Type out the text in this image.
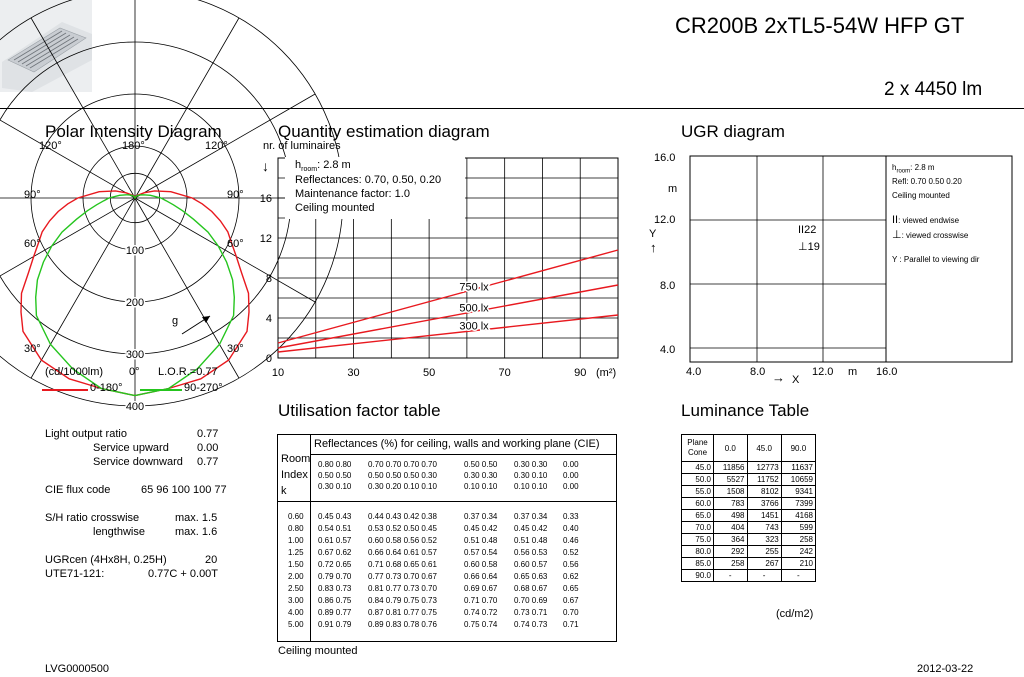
CR200B 2xTL5-54W HFP GT
2 x 4450 lm
Polar Intensity Diagram
100
200
300
400
120°	180°	120°
90°	90°
60°	60°
30°	30°
g
(cd/1000lm) 0° L.O.R.=0.77
0-180°	90-270°
Light output ratio	0.77
Service upward	0.00
Service downward 0.77
CIE flux code	65 96 100 100 77
S/H ratio crosswise	max. 1.5
lengthwise	max. 1.6
UGRcen (4Hx8H, 0.25H)	20
UTE71-121:	0.77C + 0.00T
Quantity estimation diagram
nr. of luminaires
↓
10	30	50	70	90
0
4
8
12
16
(m²)
750 lx
500 lx
300 lx
$h_{room}$: 2.8 m
Reflectances: 0.70, 0.50, 0.20
Maintenance factor: 1.0
Ceiling mounted
UGR diagram
16.0
m
12.0
Y
↑
8.0
4.0
4.0	8.0 → X
12.0 m 16.0
II22
⊥19
$h_{room}$: 2.8 m
Refl: 0.70 0.50 0.20
Ceiling mounted
II: viewed endwise
⊥: viewed crosswise
Y : Parallel to viewing dir
Utilisation factor table
Reflectances (%) for ceiling, walls and working plane (CIE)
Room
Index
k
0.80 0.80 0.70 0.70 0.70 0.70	0.50 0.50 0.30 0.30 0.00
0.50 0.50 0.50 0.50 0.50 0.30	0.30 0.30 0.30 0.10 0.00
0.30 0.10 0.30 0.20 0.10 0.10	0.10 0.10 0.10 0.10 0.00
0.60 0.45 0.43 0.44 0.43 0.42 0.38	0.37 0.34 0.37 0.34 0.33
0.80 0.54 0.51 0.53 0.52 0.50 0.45	0.45 0.42 0.45 0.42 0.40
1.00 0.61 0.57 0.60 0.58 0.56 0.52	0.51 0.48 0.51 0.48 0.46
1.25 0.67 0.62 0.66 0.64 0.61 0.57	0.57 0.54 0.56 0.53 0.52
1.50 0.72 0.65 0.71 0.68 0.65 0.61	0.60 0.58 0.60 0.57 0.56
2.00 0.79 0.70 0.77 0.73 0.70 0.67	0.66 0.64 0.65 0.63 0.62
2.50 0.83 0.73 0.81 0.77 0.73 0.70	0.69 0.67 0.68 0.67 0.65
3.00 0.86 0.75 0.84 0.79 0.75 0.73	0.71 0.70 0.70 0.69 0.67
4.00 0.89 0.77 0.87 0.81 0.77 0.75	0.74 0.72 0.73 0.71 0.70
5.00 0.91 0.79 0.89 0.83 0.78 0.76	0.75 0.74 0.74 0.73 0.71
Ceiling mounted
Luminance Table
Plane
Cone	0.0	45.0	90.0
45.0	11856	12773	11637
50.0	5527	11752	10659
55.0	1508	8102	9341
60.0	783	3766	7399
65.0	498	1451	4168
70.0	404	743	599
75.0	364	323	258
80.0	292	255	242
85.0	258	267	210
90.0	-	-	-
(cd/m2)
LVG0000500	2012-03-22
